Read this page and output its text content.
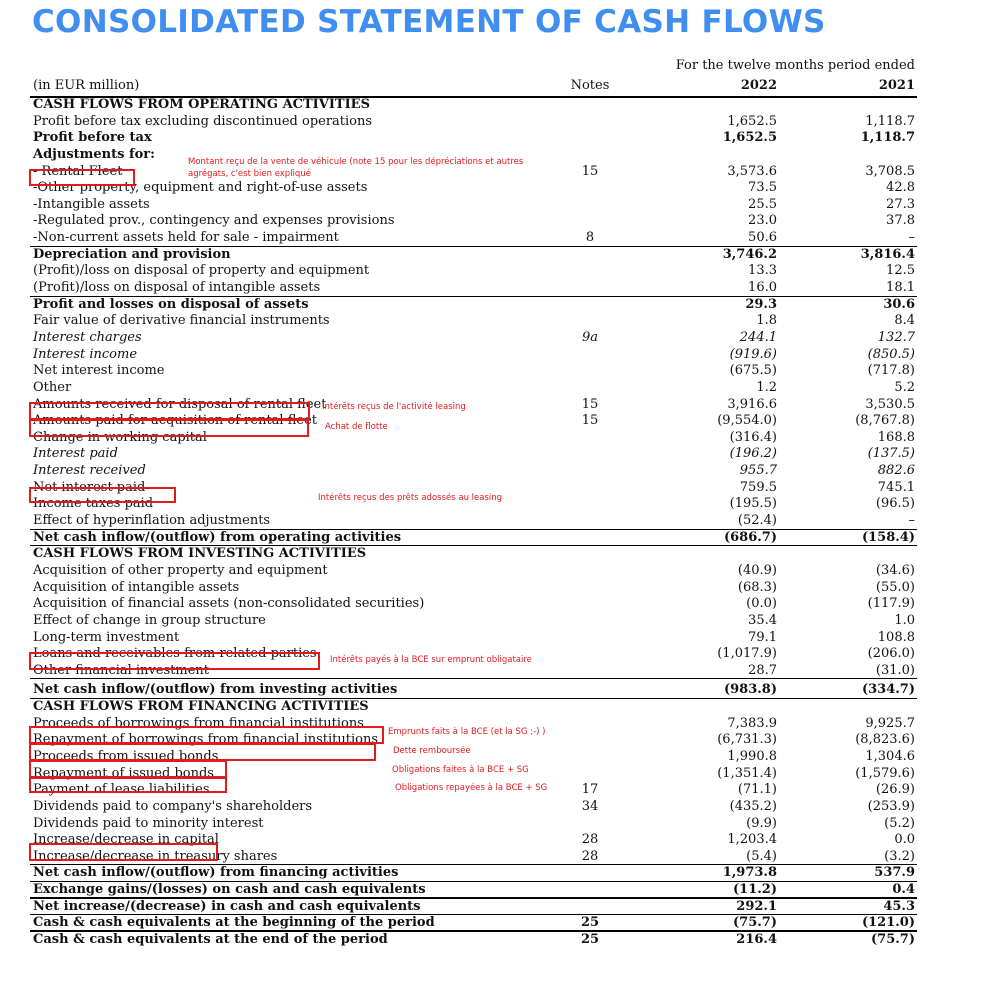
CONSOLIDATED STATEMENT OF CASH FLOWS
For the twelve months period ended
(in EUR million)	Notes	2022	2021
CASH FLOWS FROM OPERATING ACTIVITIES
Profit before tax excluding discontinued operations	1,652.5	1,118.7
Profit before tax	1,652.5	1,118.7
Adjustments for:
- Rental Fleet	15	3,573.6	3,708.5
-Other property, equipment and right-of-use assets	73.5	42.8
-Intangible assets	25.5	27.3
-Regulated prov., contingency and expenses provisions	23.0	37.8
-Non-current assets held for sale - impairment	8	50.6	–
Depreciation and provision	3,746.2	3,816.4
(Profit)/loss on disposal of property and equipment	13.3	12.5
(Profit)/loss on disposal of intangible assets	16.0	18.1
Profit and losses on disposal of assets	29.3	30.6
Fair value of derivative financial instruments	1.8	8.4
Interest charges	9a	244.1	132.7
Interest income	(919.6)	(850.5)
Net interest income	(675.5)	(717.8)
Other	1.2	5.2
Amounts received for disposal of rental fleet	15	3,916.6	3,530.5
Amounts paid for acquisition of rental fleet	15	(9,554.0)	(8,767.8)
Change in working capital	(316.4)	168.8
Interest paid	(196.2)	(137.5)
Interest received	955.7	882.6
Net interest paid	759.5	745.1
Income taxes paid	(195.5)	(96.5)
Effect of hyperinflation adjustments	(52.4)	–
Net cash inflow/(outflow) from operating activities	(686.7)	(158.4)
CASH FLOWS FROM INVESTING ACTIVITIES
Acquisition of other property and equipment	(40.9)	(34.6)
Acquisition of intangible assets	(68.3)	(55.0)
Acquisition of financial assets (non-consolidated securities)	(0.0)	(117.9)
Effect of change in group structure	35.4	1.0
Long-term investment	79.1	108.8
Loans and receivables from related parties	(1,017.9)	(206.0)
Other financial investment	28.7	(31.0)
Net cash inflow/(outflow) from investing activities	(983.8)	(334.7)
CASH FLOWS FROM FINANCING ACTIVITIES
Proceeds of borrowings from financial institutions	7,383.9	9,925.7
Repayment of borrowings from financial institutions	(6,731.3)	(8,823.6)
Proceeds from issued bonds	1,990.8	1,304.6
Repayment of issued bonds	(1,351.4)	(1,579.6)
Payment of lease liabilities	17	(71.1)	(26.9)
Dividends paid to company's shareholders	34	(435.2)	(253.9)
Dividends paid to minority interest	(9.9)	(5.2)
Increase/decrease in capital	28	1,203.4	0.0
Increase/decrease in treasury shares	28	(5.4)	(3.2)
Net cash inflow/(outflow) from financing activities	1,973.8	537.9
Exchange gains/(losses) on cash and cash equivalents	(11.2)	0.4
Net increase/(decrease) in cash and cash equivalents	292.1	45.3
Cash & cash equivalents at the beginning of the period	25	(75.7)	(121.0)
Cash & cash equivalents at the end of the period	25	216.4	(75.7)
Montant reçu de la vente de véhicule (note 15 pour les dépréciations et autres
agrégats, c'est bien expliqué
Intérêts reçus de l'activité leasing
Achat de flotte
Intérêts reçus des prêts adossés au leasing
Intérêts payés à la BCE sur emprunt obligataire
Emprunts faits à la BCE (et la SG ;-) )
Dette remboursée
Obligations faites à la BCE + SG
Obligations repayées à la BCE + SG
